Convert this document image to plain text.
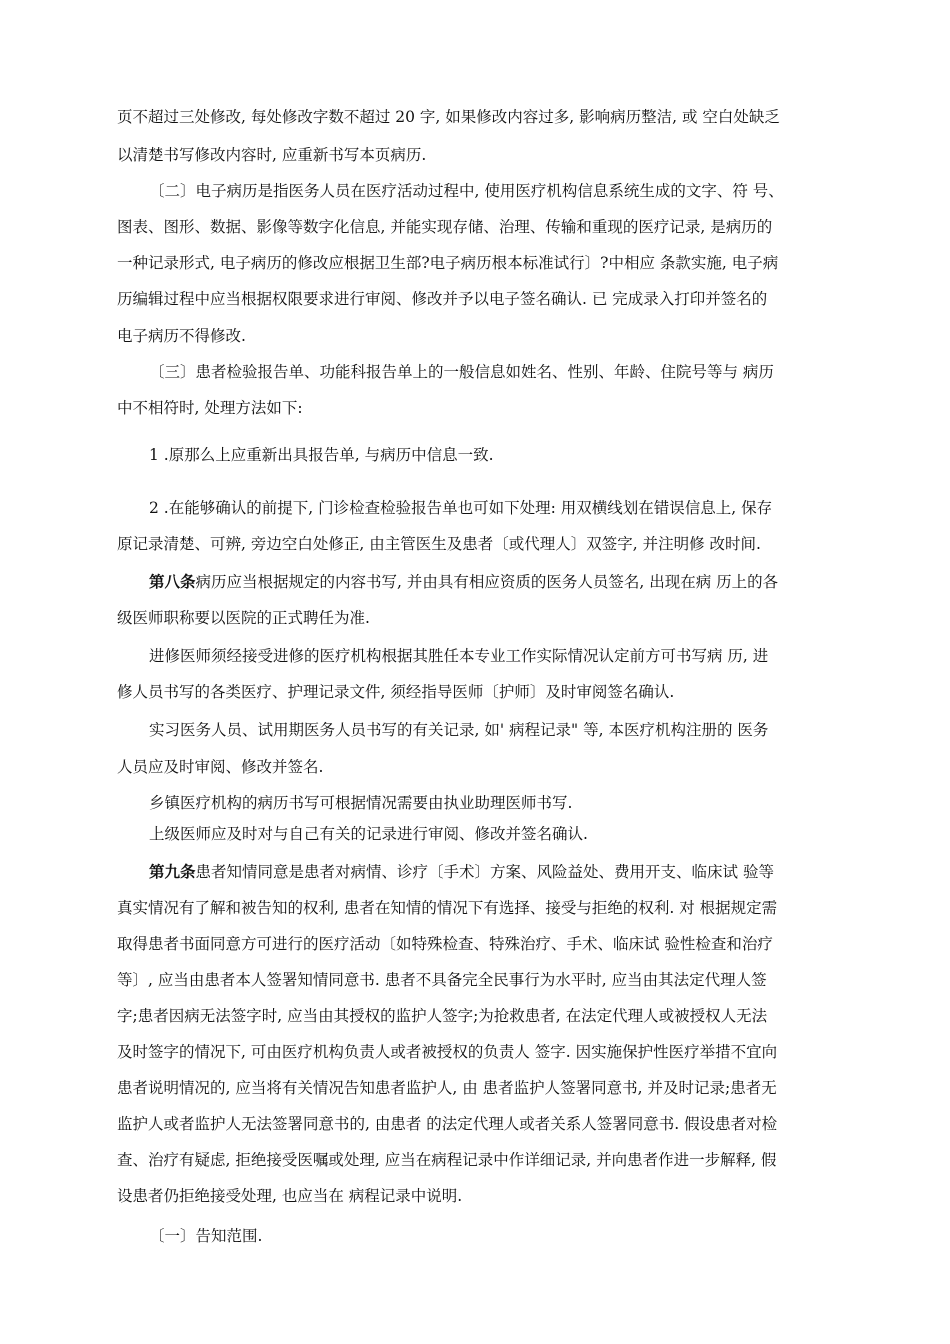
页不超过三处修改, 每处修改字数不超过 20 字, 如果修改内容过多, 影响病历整洁, 或 空白处缺乏
以清楚书写修改内容时, 应重新书写本页病历.
〔二〕电子病历是指医务人员在医疗活动过程中, 使用医疗机构信息系统生成的文字、符 号、
图表、图形、数据、影像等数字化信息, 并能实现存储、治理、传输和重现的医疗记录, 是病历的
一种记录形式, 电子病历的修改应根据卫生部?电子病历根本标准试行〕?中相应 条款实施, 电子病
历编辑过程中应当根据权限要求进行审阅、修改并予以电子签名确认. 已 完成录入打印并签名的
电子病历不得修改.
〔三〕患者检验报告单、功能科报告单上的一般信息如姓名、性别、年龄、住院号等与 病历
中不相符时, 处理方法如下:
1 .原那么上应重新出具报告单, 与病历中信息一致.
2 .在能够确认的前提下, 门诊检查检验报告单也可如下处理: 用双横线划在错误信息上, 保存
原记录清楚、可辨, 旁边空白处修正, 由主管医生及患者〔或代理人〕双签字, 并注明修 改时间.
第八条病历应当根据规定的内容书写, 并由具有相应资质的医务人员签名, 出现在病 历上的各
级医师职称要以医院的正式聘任为准.
进修医师须经接受进修的医疗机构根据其胜任本专业工作实际情况认定前方可书写病 历, 进
修人员书写的各类医疗、护理记录文件, 须经指导医师〔护师〕及时审阅签名确认.
实习医务人员、试用期医务人员书写的有关记录, 如' 病程记录" 等, 本医疗机构注册的 医务
人员应及时审阅、修改并签名.
乡镇医疗机构的病历书写可根据情况需要由执业助理医师书写.
上级医师应及时对与自己有关的记录进行审阅、修改并签名确认.
第九条患者知情同意是患者对病情、诊疗〔手术〕方案、风险益处、费用开支、临床试 验等
真实情况有了解和被告知的权利, 患者在知情的情况下有选择、接受与拒绝的权利. 对 根据规定需
取得患者书面同意方可进行的医疗活动〔如特殊检查、特殊治疗、手术、临床试 验性检查和治疗
等〕, 应当由患者本人签署知情同意书. 患者不具备完全民事行为水平时, 应当由其法定代理人签
字;患者因病无法签字时, 应当由其授权的监护人签字;为抢救患者, 在法定代理人或被授权人无法
及时签字的情况下, 可由医疗机构负责人或者被授权的负责人 签字. 因实施保护性医疗举措不宜向
患者说明情况的, 应当将有关情况告知患者监护人, 由 患者监护人签署同意书, 并及时记录;患者无
监护人或者监护人无法签署同意书的, 由患者 的法定代理人或者关系人签署同意书. 假设患者对检
查、治疗有疑虑, 拒绝接受医嘱或处理, 应当在病程记录中作详细记录, 并向患者作进一步解释, 假
设患者仍拒绝接受处理, 也应当在 病程记录中说明.
〔一〕告知范围.
